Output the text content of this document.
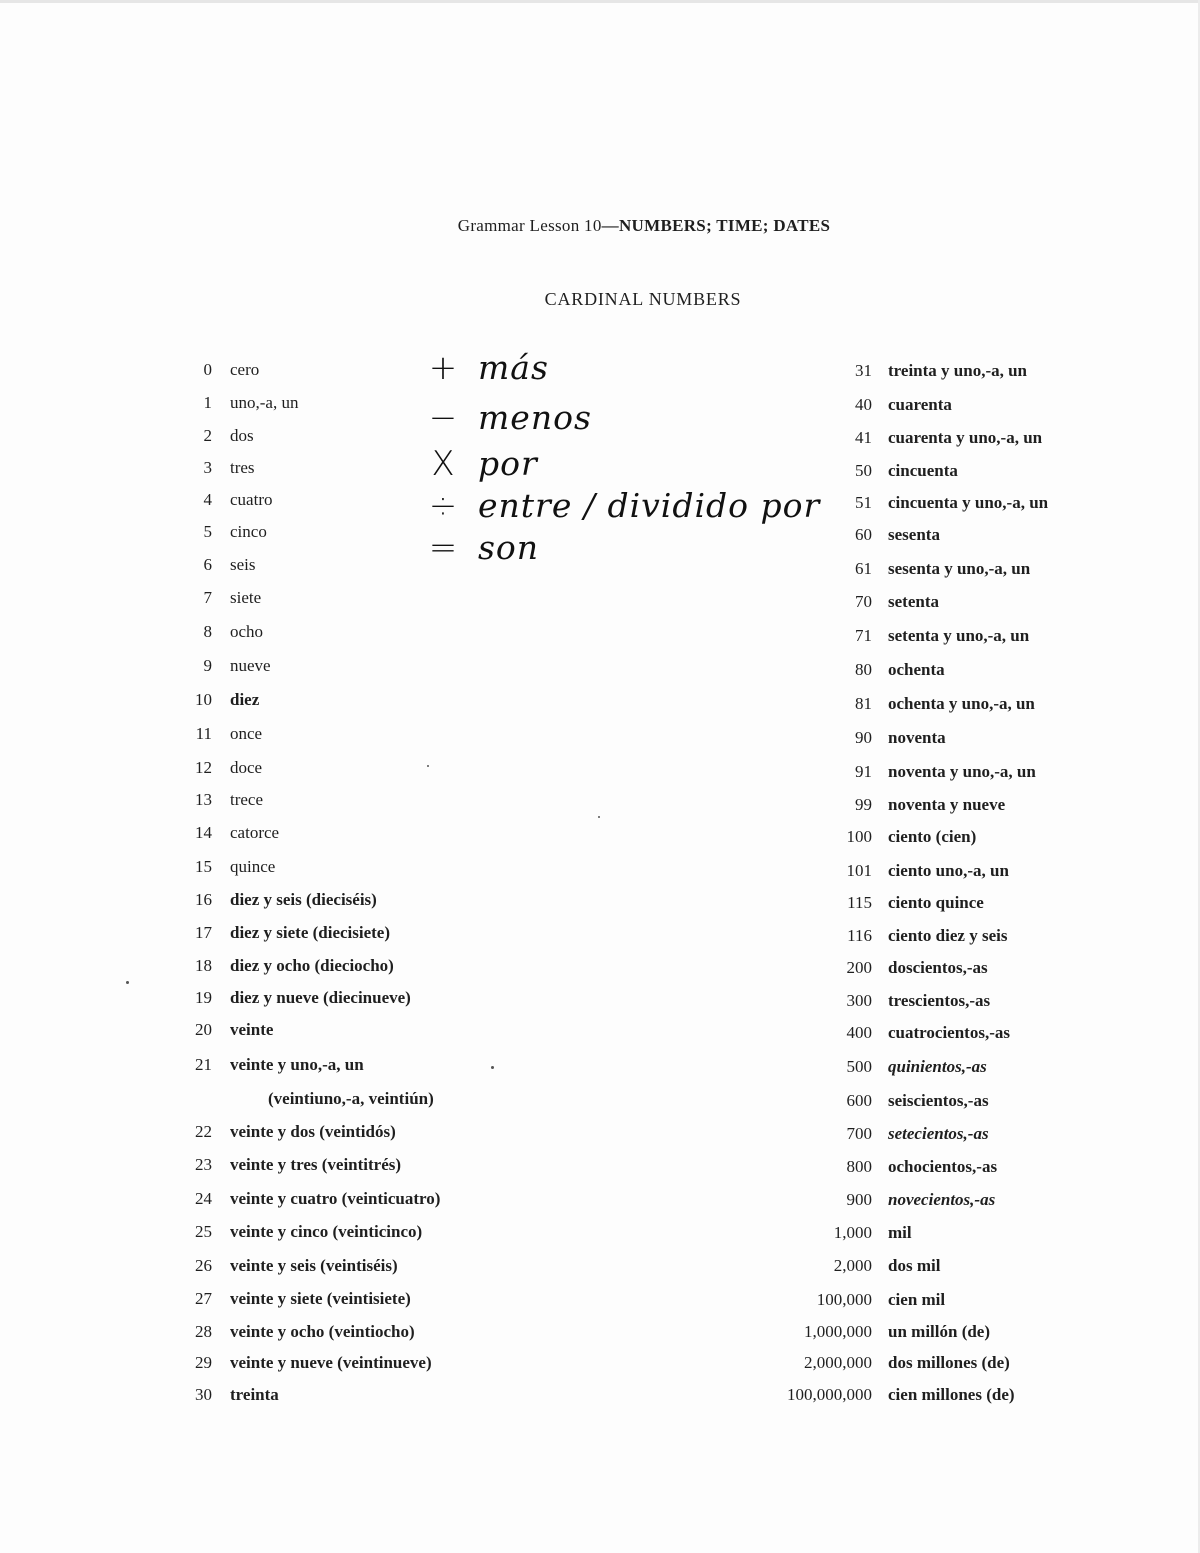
Grammar Lesson 10—NUMBERS; TIME; DATES
CARDINAL NUMBERS
+ más
− menos
X por
÷ entre / dividido por
= son
0 cero
1 uno,-a, un
2 dos
3 tres
4 cuatro
5 cinco
6 seis
7 siete
8 ocho
9 nueve
10 diez
11 once
12 doce
13 trece
14 catorce
15 quince
16 diez y seis (dieciséis)
17 diez y siete (diecisiete)
18 diez y ocho (dieciocho)
19 diez y nueve (diecinueve)
20 veinte
21 veinte y uno,-a, un
(veintiuno,-a, veintiún)
22 veinte y dos (veintidós)
23 veinte y tres (veintitrés)
24 veinte y cuatro (veinticuatro)
25 veinte y cinco (veinticinco)
26 veinte y seis (veintiséis)
27 veinte y siete (veintisiete)
28 veinte y ocho (veintiocho)
29 veinte y nueve (veintinueve)
30 treinta
31 treinta y uno,-a, un
40 cuarenta
41 cuarenta y uno,-a, un
50 cincuenta
51 cincuenta y uno,-a, un
60 sesenta
61 sesenta y uno,-a, un
70 setenta
71 setenta y uno,-a, un
80 ochenta
81 ochenta y uno,-a, un
90 noventa
91 noventa y uno,-a, un
99 noventa y nueve
100 ciento (cien)
101 ciento uno,-a, un
115 ciento quince
116 ciento diez y seis
200 doscientos,-as
300 trescientos,-as
400 cuatrocientos,-as
500 quinientos,-as
600 seiscientos,-as
700 setecientos,-as
800 ochocientos,-as
900 novecientos,-as
1,000 mil
2,000 dos mil
100,000 cien mil
1,000,000 un millón (de)
2,000,000 dos millones (de)
100,000,000 cien millones (de)
